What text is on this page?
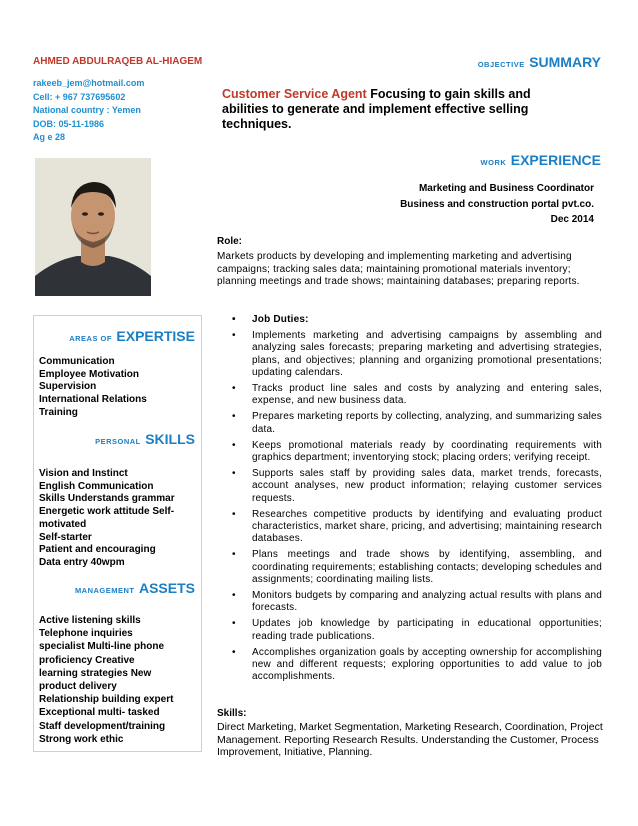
AHMED ABDULRAQEB AL-HIAGEM
rakeeb_jem@hotmail.com
Cell: + 967 737695602
National country : Yemen
DOB: 05-11-1986
Ag e 28
OBJECTIVE SUMMARY
Customer Service Agent Focusing to gain skills and abilities to generate and implement effective selling techniques.
WORK EXPERIENCE
Marketing and Business Coordinator
Business and construction portal pvt.co.
Dec 2014
Role:
Markets products by developing and implementing marketing and advertising campaigns; tracking sales data; maintaining promotional materials inventory; planning meetings and trade shows; maintaining databases; preparing reports.
• Job Duties:
• Implements marketing and advertising campaigns by assembling and analyzing sales forecasts; preparing marketing and advertising strategies, plans, and objectives; planning and organizing promotional presentations; updating calendars.
• Tracks product line sales and costs by analyzing and entering sales, expense, and new business data.
• Prepares marketing reports by collecting, analyzing, and summarizing sales data.
• Keeps promotional materials ready by coordinating requirements with graphics department; inventorying stock; placing orders; verifying receipt.
• Supports sales staff by providing sales data, market trends, forecasts, account analyses, new product information; relaying customer services requests.
• Researches competitive products by identifying and evaluating product characteristics, market share, pricing, and advertising; maintaining research databases.
• Plans meetings and trade shows by identifying, assembling, and coordinating requirements; establishing contacts; developing schedules and assignments; coordinating mailing lists.
• Monitors budgets by comparing and analyzing actual results with plans and forecasts.
• Updates job knowledge by participating in educational opportunities; reading trade publications.
• Accomplishes organization goals by accepting ownership for accomplishing new and different requests; exploring opportunities to add value to job accomplishments.
Skills:
Direct Marketing, Market Segmentation, Marketing Research, Coordination, Project Management. Reporting Research Results. Understanding the Customer, Process Improvement, Initiative, Planning.
AREAS OF EXPERTISE
Communication
Employee Motivation
Supervision
International Relations
Training
PERSONAL SKILLS
Vision and Instinct
English Communication
Skills Understands grammar
Energetic work attitude Self-motivated
Self-starter
Patient and encouraging
Data entry 40wpm
MANAGEMENT ASSETS
Active listening skills
Telephone inquiries
specialist Multi-line phone
proficiency Creative
learning strategies New
product delivery
Relationship building expert
Exceptional multi- tasked
Staff development/training
Strong work ethic
